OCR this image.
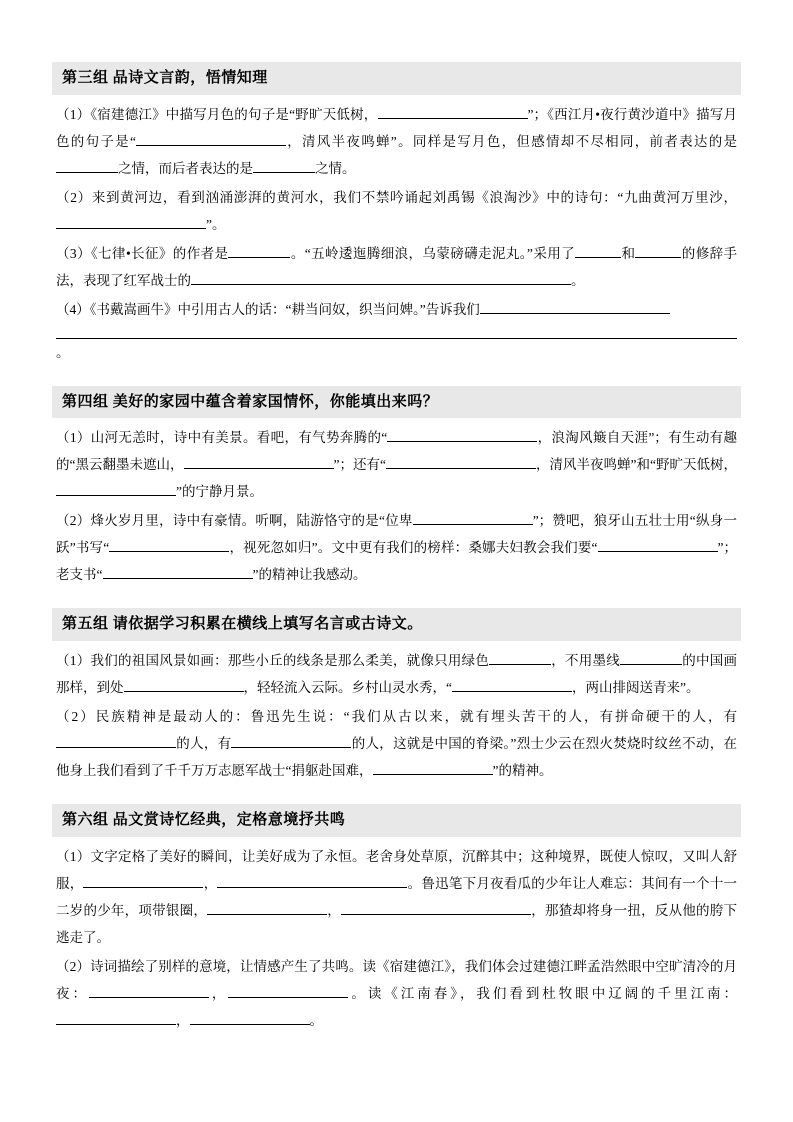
第三组 品诗文言韵，悟情知理

（1）《宿建德江》中描写月色的句子是“野旷天低树，	”；《西江月•夜行黄沙道中》描写月色的句子是“	，清风半夜鸣蝉”。同样是写月色，但感情却不尽相同，前者表达的是之情，而后者表达的是	之情。

（2）来到黄河边，看到汹涌澎湃的黄河水，我们不禁吟诵起刘禹锡《浪淘沙》中的诗句：“九曲黄河万里沙，”。

（3）《七律•长征》的作者是	。“五岭逶迤腾细浪，乌蒙磅礴走泥丸。”采用了	和	的修辞手法，表现了红军战士的	。

（4）《书戴嵩画牛》中引用古人的话：“耕当问奴，织当问婢。”告诉我们
。

第四组 美好的家园中蕴含着家国情怀，你能填出来吗？

（1）山河无恙时，诗中有美景。看吧，有气势奔腾的“	，浪淘风簸自天涯”；有生动有趣的“黑云翻墨未遮山，	”；还有“	，清风半夜鸣蝉”和“野旷天低树，”的宁静月景。

（2）烽火岁月里，诗中有豪情。听啊，陆游恪守的是“位卑	”；赞吧，狼牙山五壮士用“纵身一跃”书写“	，视死忽如归”。文中更有我们的榜样：桑娜夫妇教会我们要“	”；老支书“	”的精神让我感动。

第五组 请依据学习积累在横线上填写名言或古诗文。

（1）我们的祖国风景如画：那些小丘的线条是那么柔美，就像只用绿色	，不用墨线	的中国画那样，到处	，轻轻流入云际。乡村山灵水秀，“	，两山排闼送青来”。

（2）民族精神是最动人的：鲁迅先生说：“我们从古以来，就有埋头苦干的人，有拼命硬干的人，有的人，有	的人，这就是中国的脊梁。”烈士少云在烈火焚烧时纹丝不动，在他身上我们看到了千千万万志愿军战士“捐躯赴国难，	”的精神。

第六组 品文赏诗忆经典，定格意境抒共鸣

（1）文字定格了美好的瞬间，让美好成为了永恒。老舍身处草原，沉醉其中；这种境界，既使人惊叹，又叫人舒服，	，	。鲁迅笔下月夜看瓜的少年让人难忘：其间有一个十一二岁的少年，项带银圈，	，	，那猹却将身一扭，反从他的胯下逃走了。

（2）诗词描绘了别样的意境，让情感产生了共鸣。读《宿建德江》，我们体会过建德江畔孟浩然眼中空旷清冷的月夜：	，	。读《江南春》，我们看到杜牧眼中辽阔的千里江南：，	。
